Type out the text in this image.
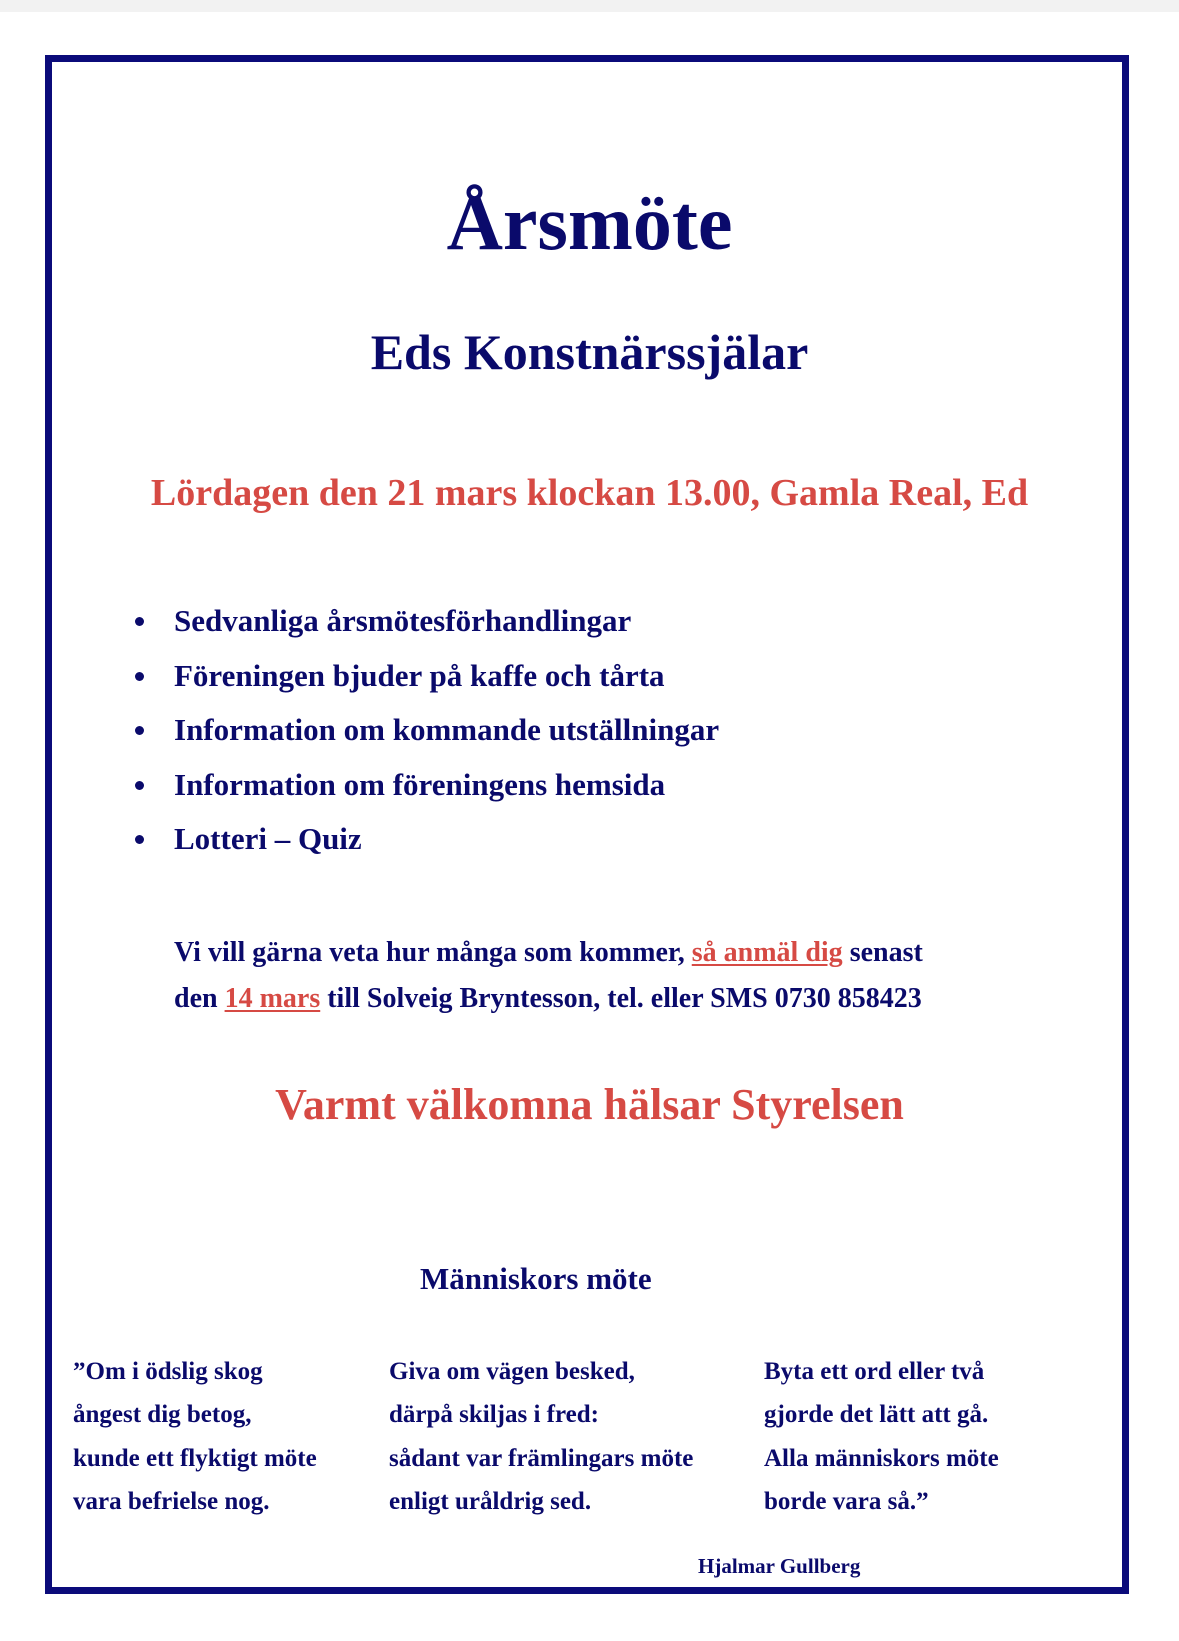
Årsmöte
Eds Konstnärssjälar
Lördagen den 21 mars klockan 13.00, Gamla Real, Ed
Sedvanliga årsmötesförhandlingar
Föreningen bjuder på kaffe och tårta
Information om kommande utställningar
Information om föreningens hemsida
Lotteri – Quiz
Vi vill gärna veta hur många som kommer, så anmäl dig senast
den 14 mars till Solveig Bryntesson, tel. eller SMS 0730 858423
Varmt välkomna hälsar Styrelsen
Människors möte
”Om i ödslig skog
ångest dig betog,
kunde ett flyktigt möte
vara befrielse nog.
Giva om vägen besked,
därpå skiljas i fred:
sådant var främlingars möte
enligt uråldrig sed.
Byta ett ord eller två
gjorde det lätt att gå.
Alla människors möte
borde vara så.”
Hjalmar Gullberg
